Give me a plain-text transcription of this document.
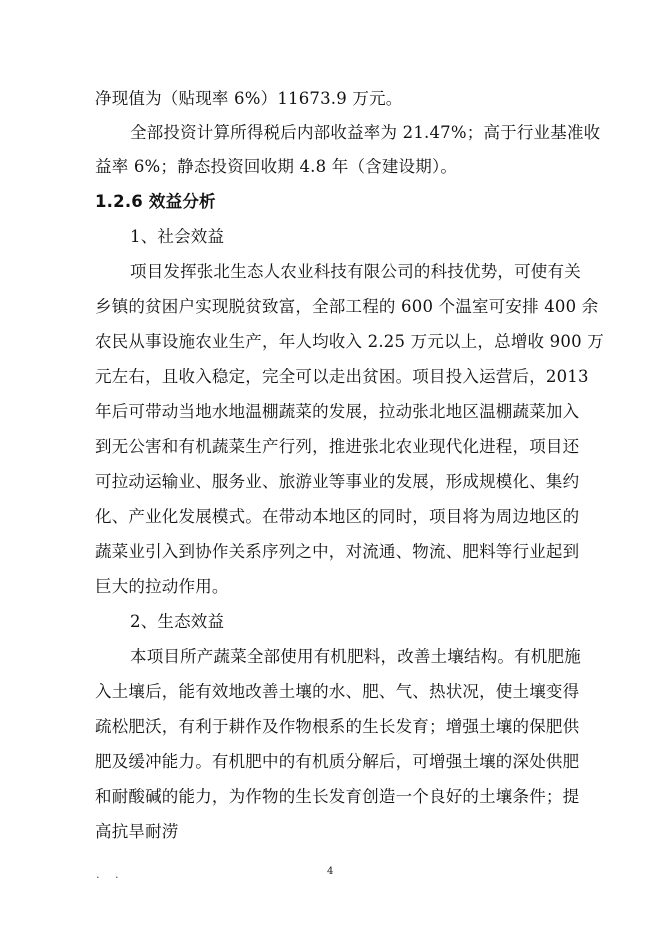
净现值为（贴现率 6%）11673.9 万元。
全部投资计算所得税后内部收益率为 21.47%；高于行业基准收
益率 6%；静态投资回收期 4.8 年（含建设期）。
1.2.6 效益分析
1、社会效益
项目发挥张北生态人农业科技有限公司的科技优势，可使有关
乡镇的贫困户实现脱贫致富，全部工程的 600 个温室可安排 400 余
农民从事设施农业生产，年人均收入 2.25 万元以上，总增收 900 万
元左右，且收入稳定，完全可以走出贫困。项目投入运营后，2013
年后可带动当地水地温棚蔬菜的发展，拉动张北地区温棚蔬菜加入
到无公害和有机蔬菜生产行列，推进张北农业现代化进程，项目还
可拉动运输业、服务业、旅游业等事业的发展，形成规模化、集约
化、产业化发展模式。在带动本地区的同时，项目将为周边地区的
蔬菜业引入到协作关系序列之中，对流通、物流、肥料等行业起到
巨大的拉动作用。
2、生态效益
本项目所产蔬菜全部使用有机肥料，改善土壤结构。有机肥施
入土壤后，能有效地改善土壤的水、肥、气、热状况，使土壤变得
疏松肥沃，有利于耕作及作物根系的生长发育；增强土壤的保肥供
肥及缓冲能力。有机肥中的有机质分解后，可增强土壤的深处供肥
和耐酸碱的能力，为作物的生长发育创造一个良好的土壤条件；提
高抗旱耐涝
. .	4
